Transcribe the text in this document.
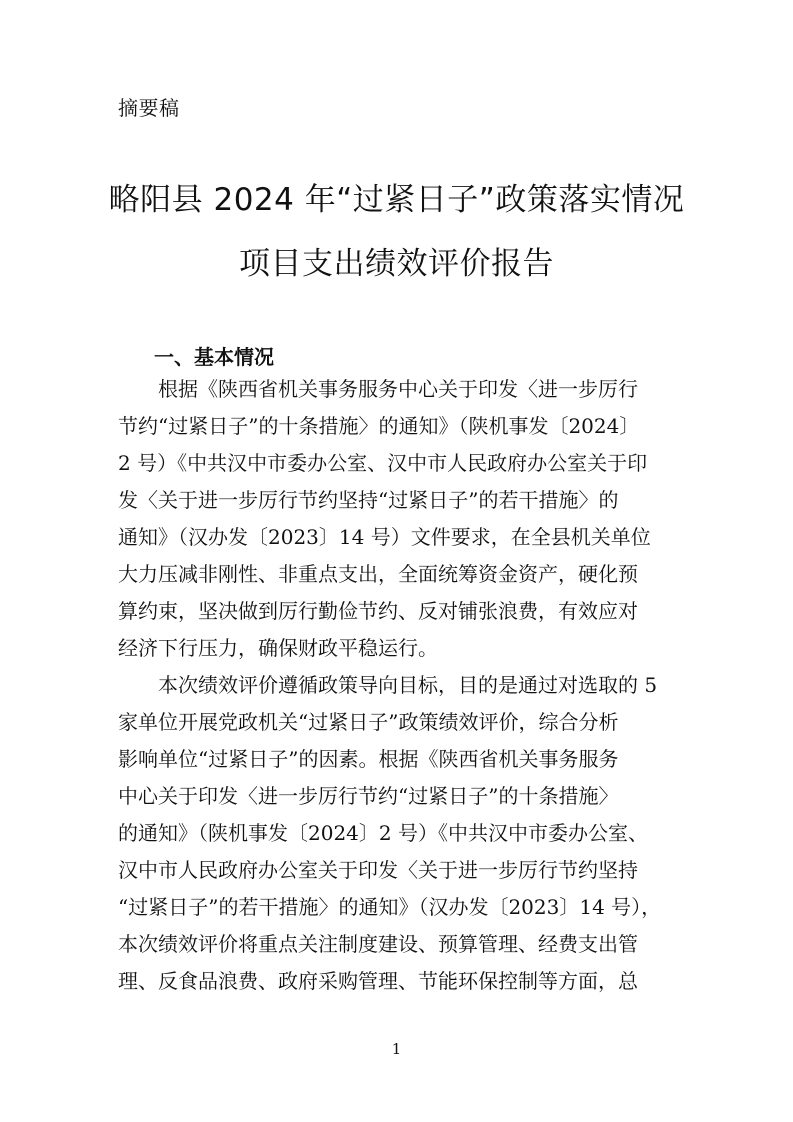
摘要稿
略阳县 2024 年“过紧日子”政策落实情况
项目支出绩效评价报告
一、基本情况
　　根据《陕西省机关事务服务中心关于印发〈进一步厉行
节约“过紧日子”的十条措施〉的通知》（陕机事发〔2024〕
2 号）《中共汉中市委办公室、汉中市人民政府办公室关于印
发〈关于进一步厉行节约坚持“过紧日子”的若干措施〉的
通知》（汉办发〔2023〕14 号）文件要求，在全县机关单位
大力压减非刚性、非重点支出，全面统筹资金资产，硬化预
算约束，坚决做到厉行勤俭节约、反对铺张浪费，有效应对
经济下行压力，确保财政平稳运行。
　　本次绩效评价遵循政策导向目标，目的是通过对选取的 5
家单位开展党政机关“过紧日子”政策绩效评价，综合分析
影响单位“过紧日子”的因素。根据《陕西省机关事务服务
中心关于印发〈进一步厉行节约“过紧日子”的十条措施〉
的通知》（陕机事发〔2024〕2 号）《中共汉中市委办公室、
汉中市人民政府办公室关于印发〈关于进一步厉行节约坚持
“过紧日子”的若干措施〉的通知》（汉办发〔2023〕14 号），
本次绩效评价将重点关注制度建设、预算管理、经费支出管
理、反食品浪费、政府采购管理、节能环保控制等方面，总
1
